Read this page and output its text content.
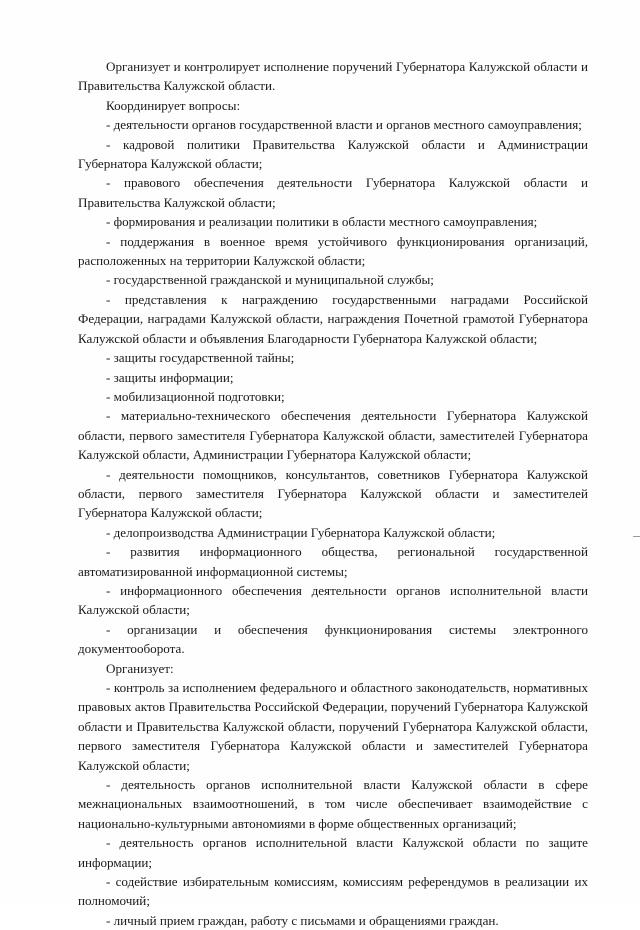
Организует и контролирует исполнение поручений Губернатора Калужской области и Правительства Калужской области.

Координирует вопросы:

- деятельности органов государственной власти и органов местного самоуправления;

- кадровой политики Правительства Калужской области и Администрации Губернатора Калужской области;

- правового обеспечения деятельности Губернатора Калужской области и Правительства Калужской области;

- формирования и реализации политики в области местного самоуправления;

- поддержания в военное время устойчивого функционирования организаций, расположенных на территории Калужской области;

- государственной гражданской и муниципальной службы;

- представления к награждению государственными наградами Российской Федерации, наградами Калужской области, награждения Почетной грамотой Губернатора Калужской области и объявления Благодарности Губернатора Калужской области;

- защиты государственной тайны;

- защиты информации;

- мобилизационной подготовки;

- материально-технического обеспечения деятельности Губернатора Калужской области, первого заместителя Губернатора Калужской области, заместителей Губернатора Калужской области, Администрации Губернатора Калужской области;

- деятельности помощников, консультантов, советников Губернатора Калужской области, первого заместителя Губернатора Калужской области и заместителей Губернатора Калужской области;

- делопроизводства Администрации Губернатора Калужской области;

- развития информационного общества, региональной государственной автоматизированной информационной системы;

- информационного обеспечения деятельности органов исполнительной власти Калужской области;

- организации и обеспечения функционирования системы электронного документооборота.

Организует:

- контроль за исполнением федерального и областного законодательств, нормативных правовых актов Правительства Российской Федерации, поручений Губернатора Калужской области и Правительства Калужской области, поручений Губернатора Калужской области, первого заместителя Губернатора Калужской области и заместителей Губернатора Калужской области;

- деятельность органов исполнительной власти Калужской области в сфере межнациональных взаимоотношений, в том числе обеспечивает взаимодействие с национально-культурными автономиями в форме общественных организаций;

- деятельность органов исполнительной власти Калужской области по защите информации;

- содействие избирательным комиссиям, комиссиям референдумов в реализации их полномочий;

- личный прием граждан, работу с письмами и обращениями граждан.
